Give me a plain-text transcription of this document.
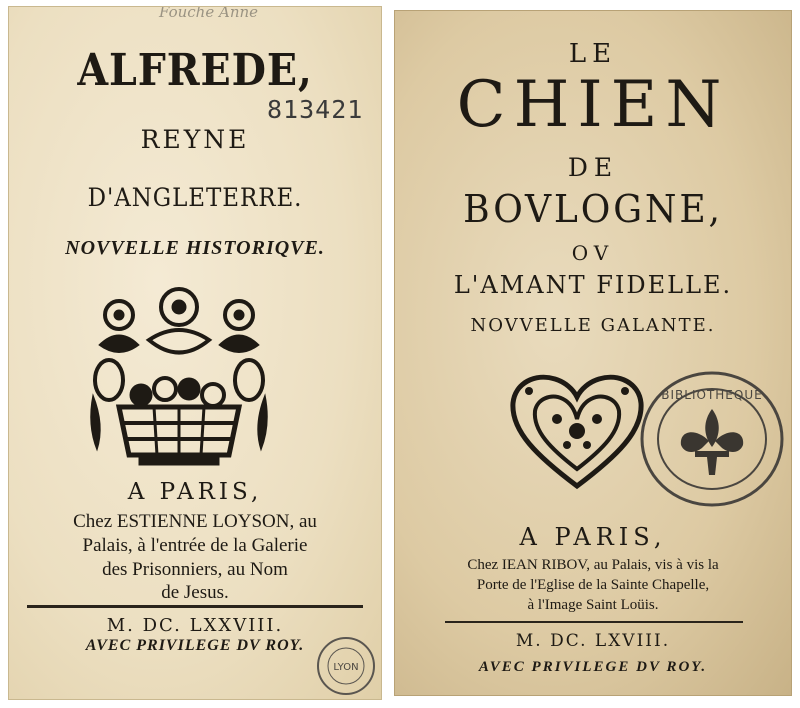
Fouche Anne
813421
ALFREDE,
REYNE
D'ANGLETERRE.
NOVVELLE HISTORIQVE.
A PARIS,
Chez ESTIENNE LOYSON, au
Palais, à l'entrée de la Galerie
des Prisonniers, au Nom
de Jesus.
M. DC. LXXVIII.
AVEC PRIVILEGE DV ROY.
LYON
LE
CHIEN
DE
BOVLOGNE,
OV
L'AMANT FIDELLE.
NOVVELLE GALANTE.
BIBLIOTHEQUE
A PARIS,
Chez IEAN RIBOV, au Palais, vis à vis la
Porte de l'Eglise de la Sainte Chapelle,
à l'Image Saint Loüis.
M. DC. LXVIII.
AVEC PRIVILEGE DV ROY.
